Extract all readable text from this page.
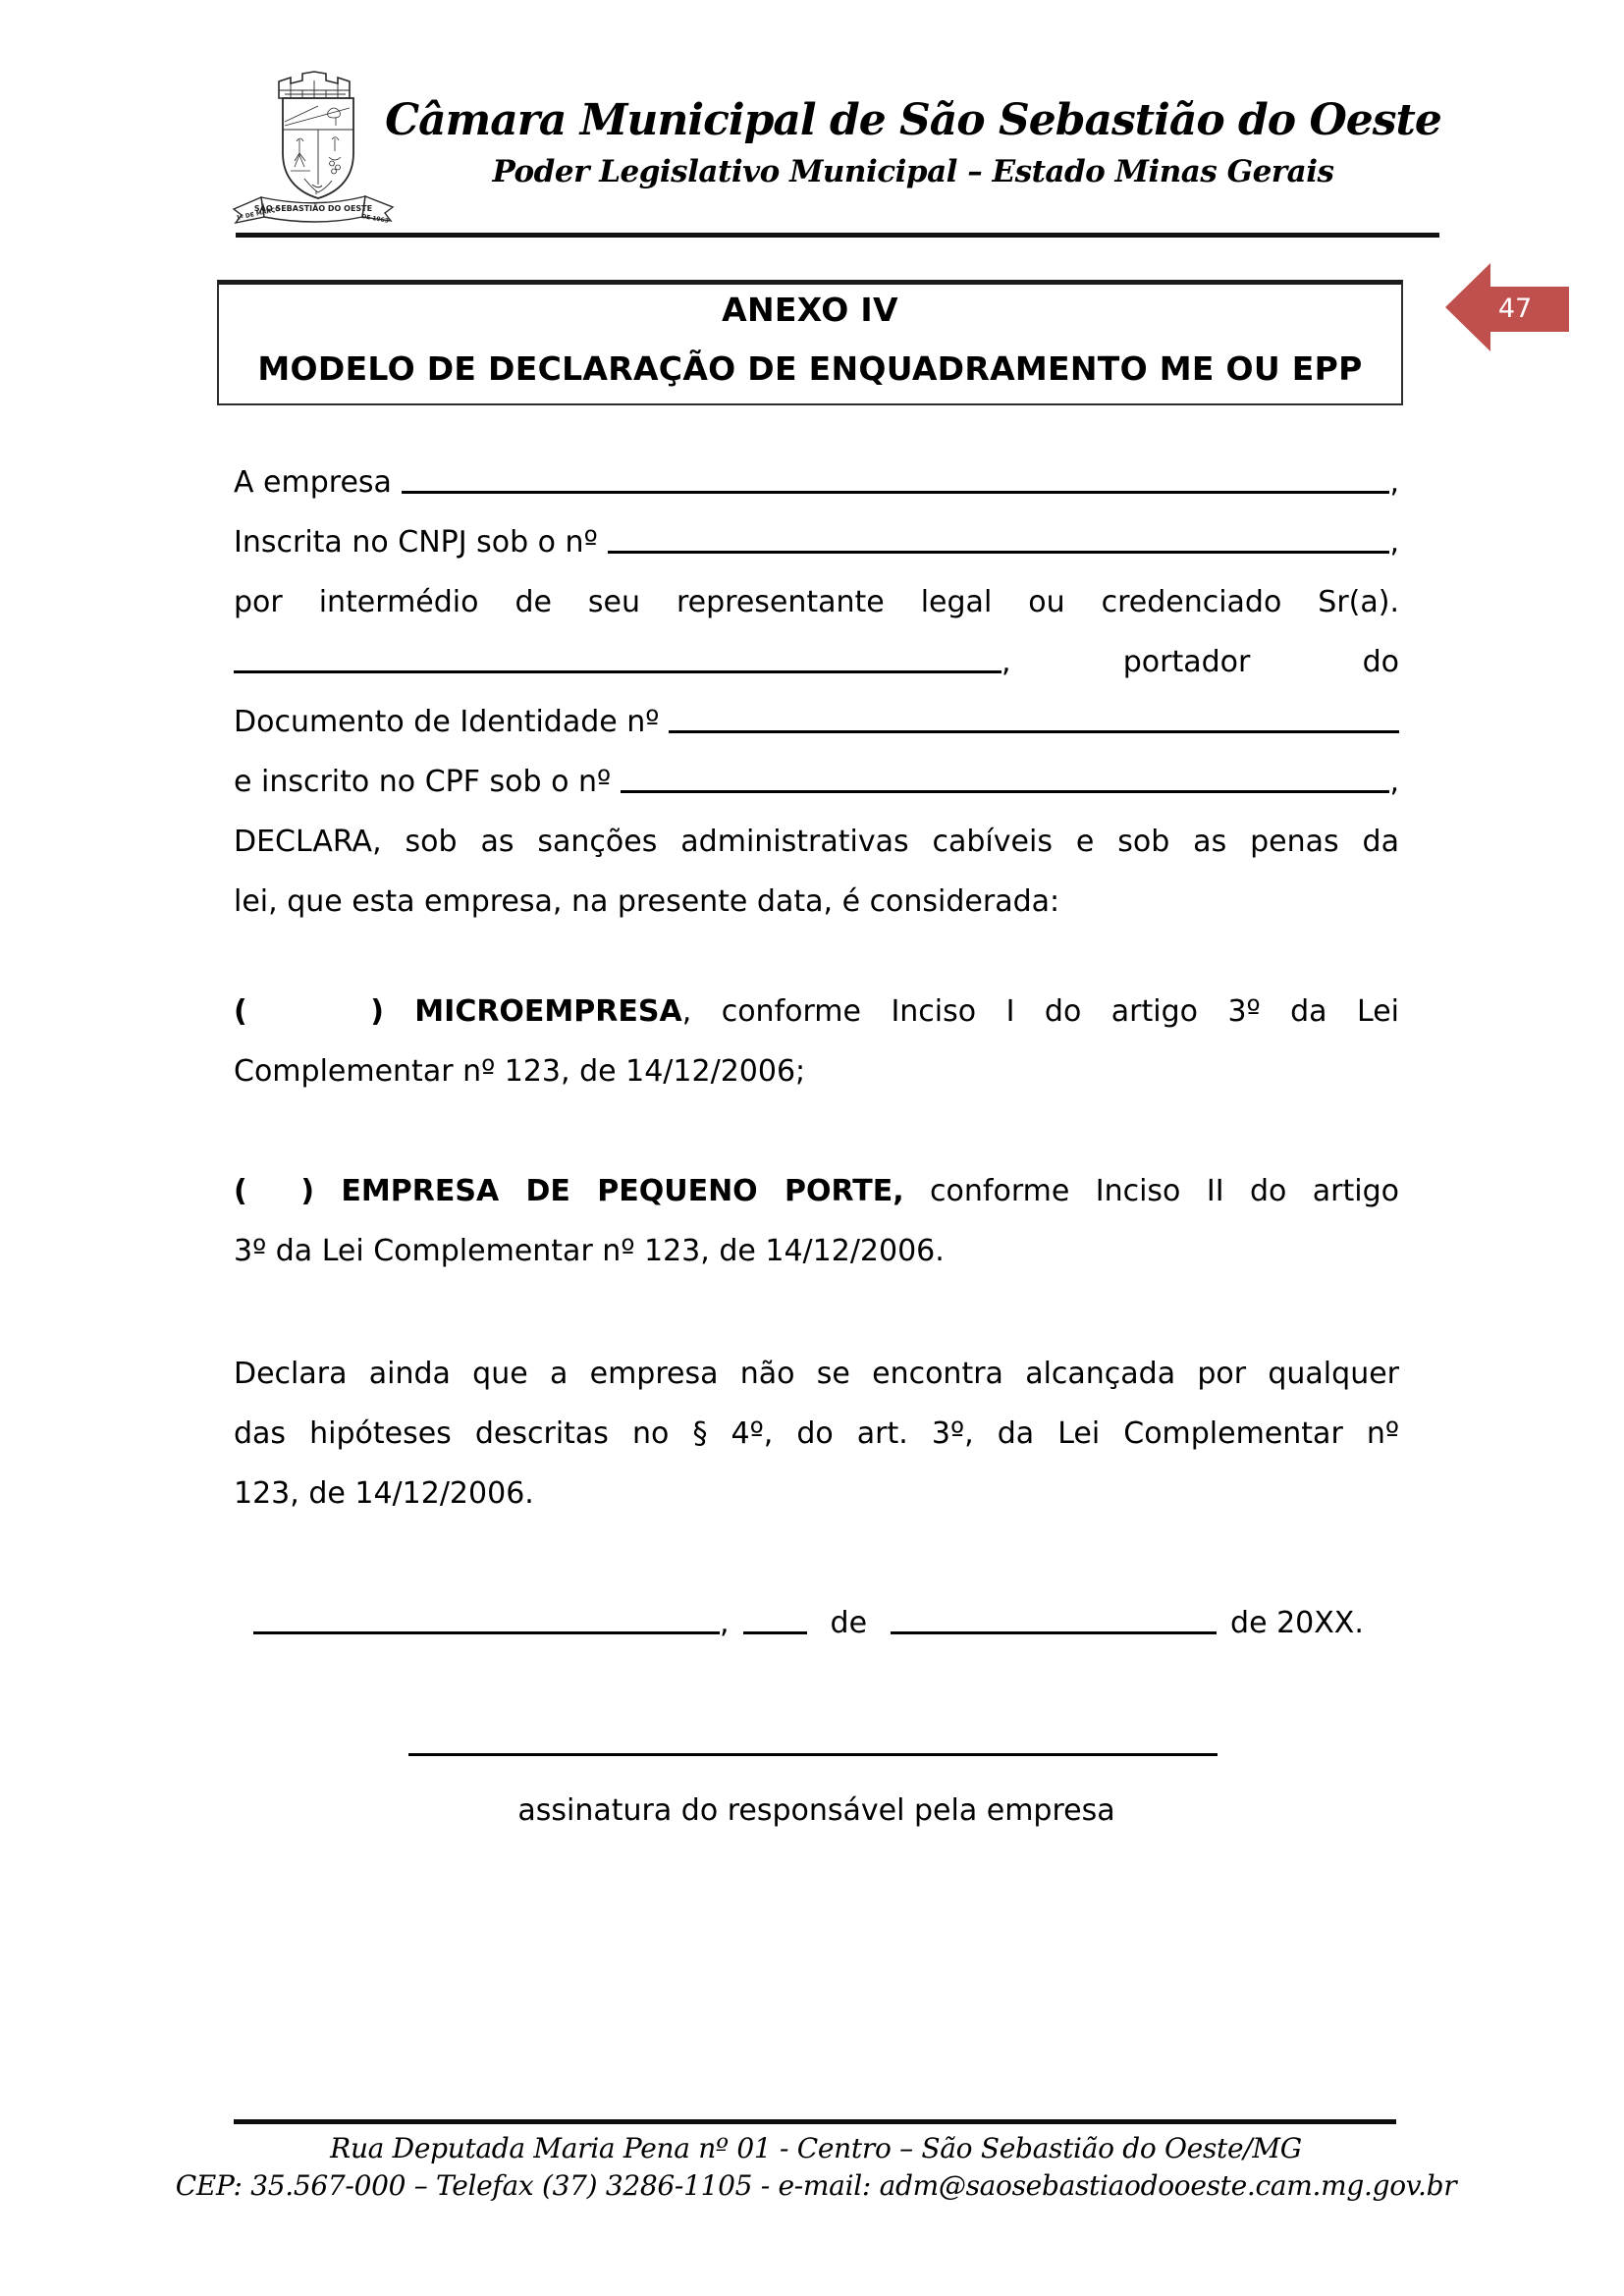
SÃO SEBASTIÃO DO OESTE
1º DE MARÇO	DE 1963
Câmara Municipal de São Sebastião do Oeste
Poder Legislativo Municipal – Estado Minas Gerais
ANEXO IV
MODELO DE DECLARAÇÃO DE ENQUADRAMENTO ME OU EPP
47
A empresa	,
Inscrita no CNPJ sob o nº	,
por intermédio de seu representante legal ou credenciado Sr(a).
,	portador	do
Documento de Identidade nº
e inscrito no CPF sob o nº	,
DECLARA, sob as sanções administrativas cabíveis e sob as penas da
lei, que esta empresa, na presente data, é considerada:
(    ) MICROEMPRESA, conforme Inciso I do artigo 3º da Lei
Complementar nº 123, de 14/12/2006;
(  ) EMPRESA DE PEQUENO PORTE, conforme Inciso II do artigo
3º da Lei Complementar nº 123, de 14/12/2006.
Declara ainda que a empresa não se encontra alcançada por qualquer
das hipóteses descritas no § 4º, do art. 3º, da Lei Complementar nº
123, de 14/12/2006.
,	de	de 20XX.
assinatura do responsável pela empresa
Rua Deputada Maria Pena nº 01 - Centro – São Sebastião do Oeste/MG
CEP: 35.567-000 – Telefax (37) 3286-1105 - e-mail: adm@saosebastiaodooeste.cam.mg.gov.br
